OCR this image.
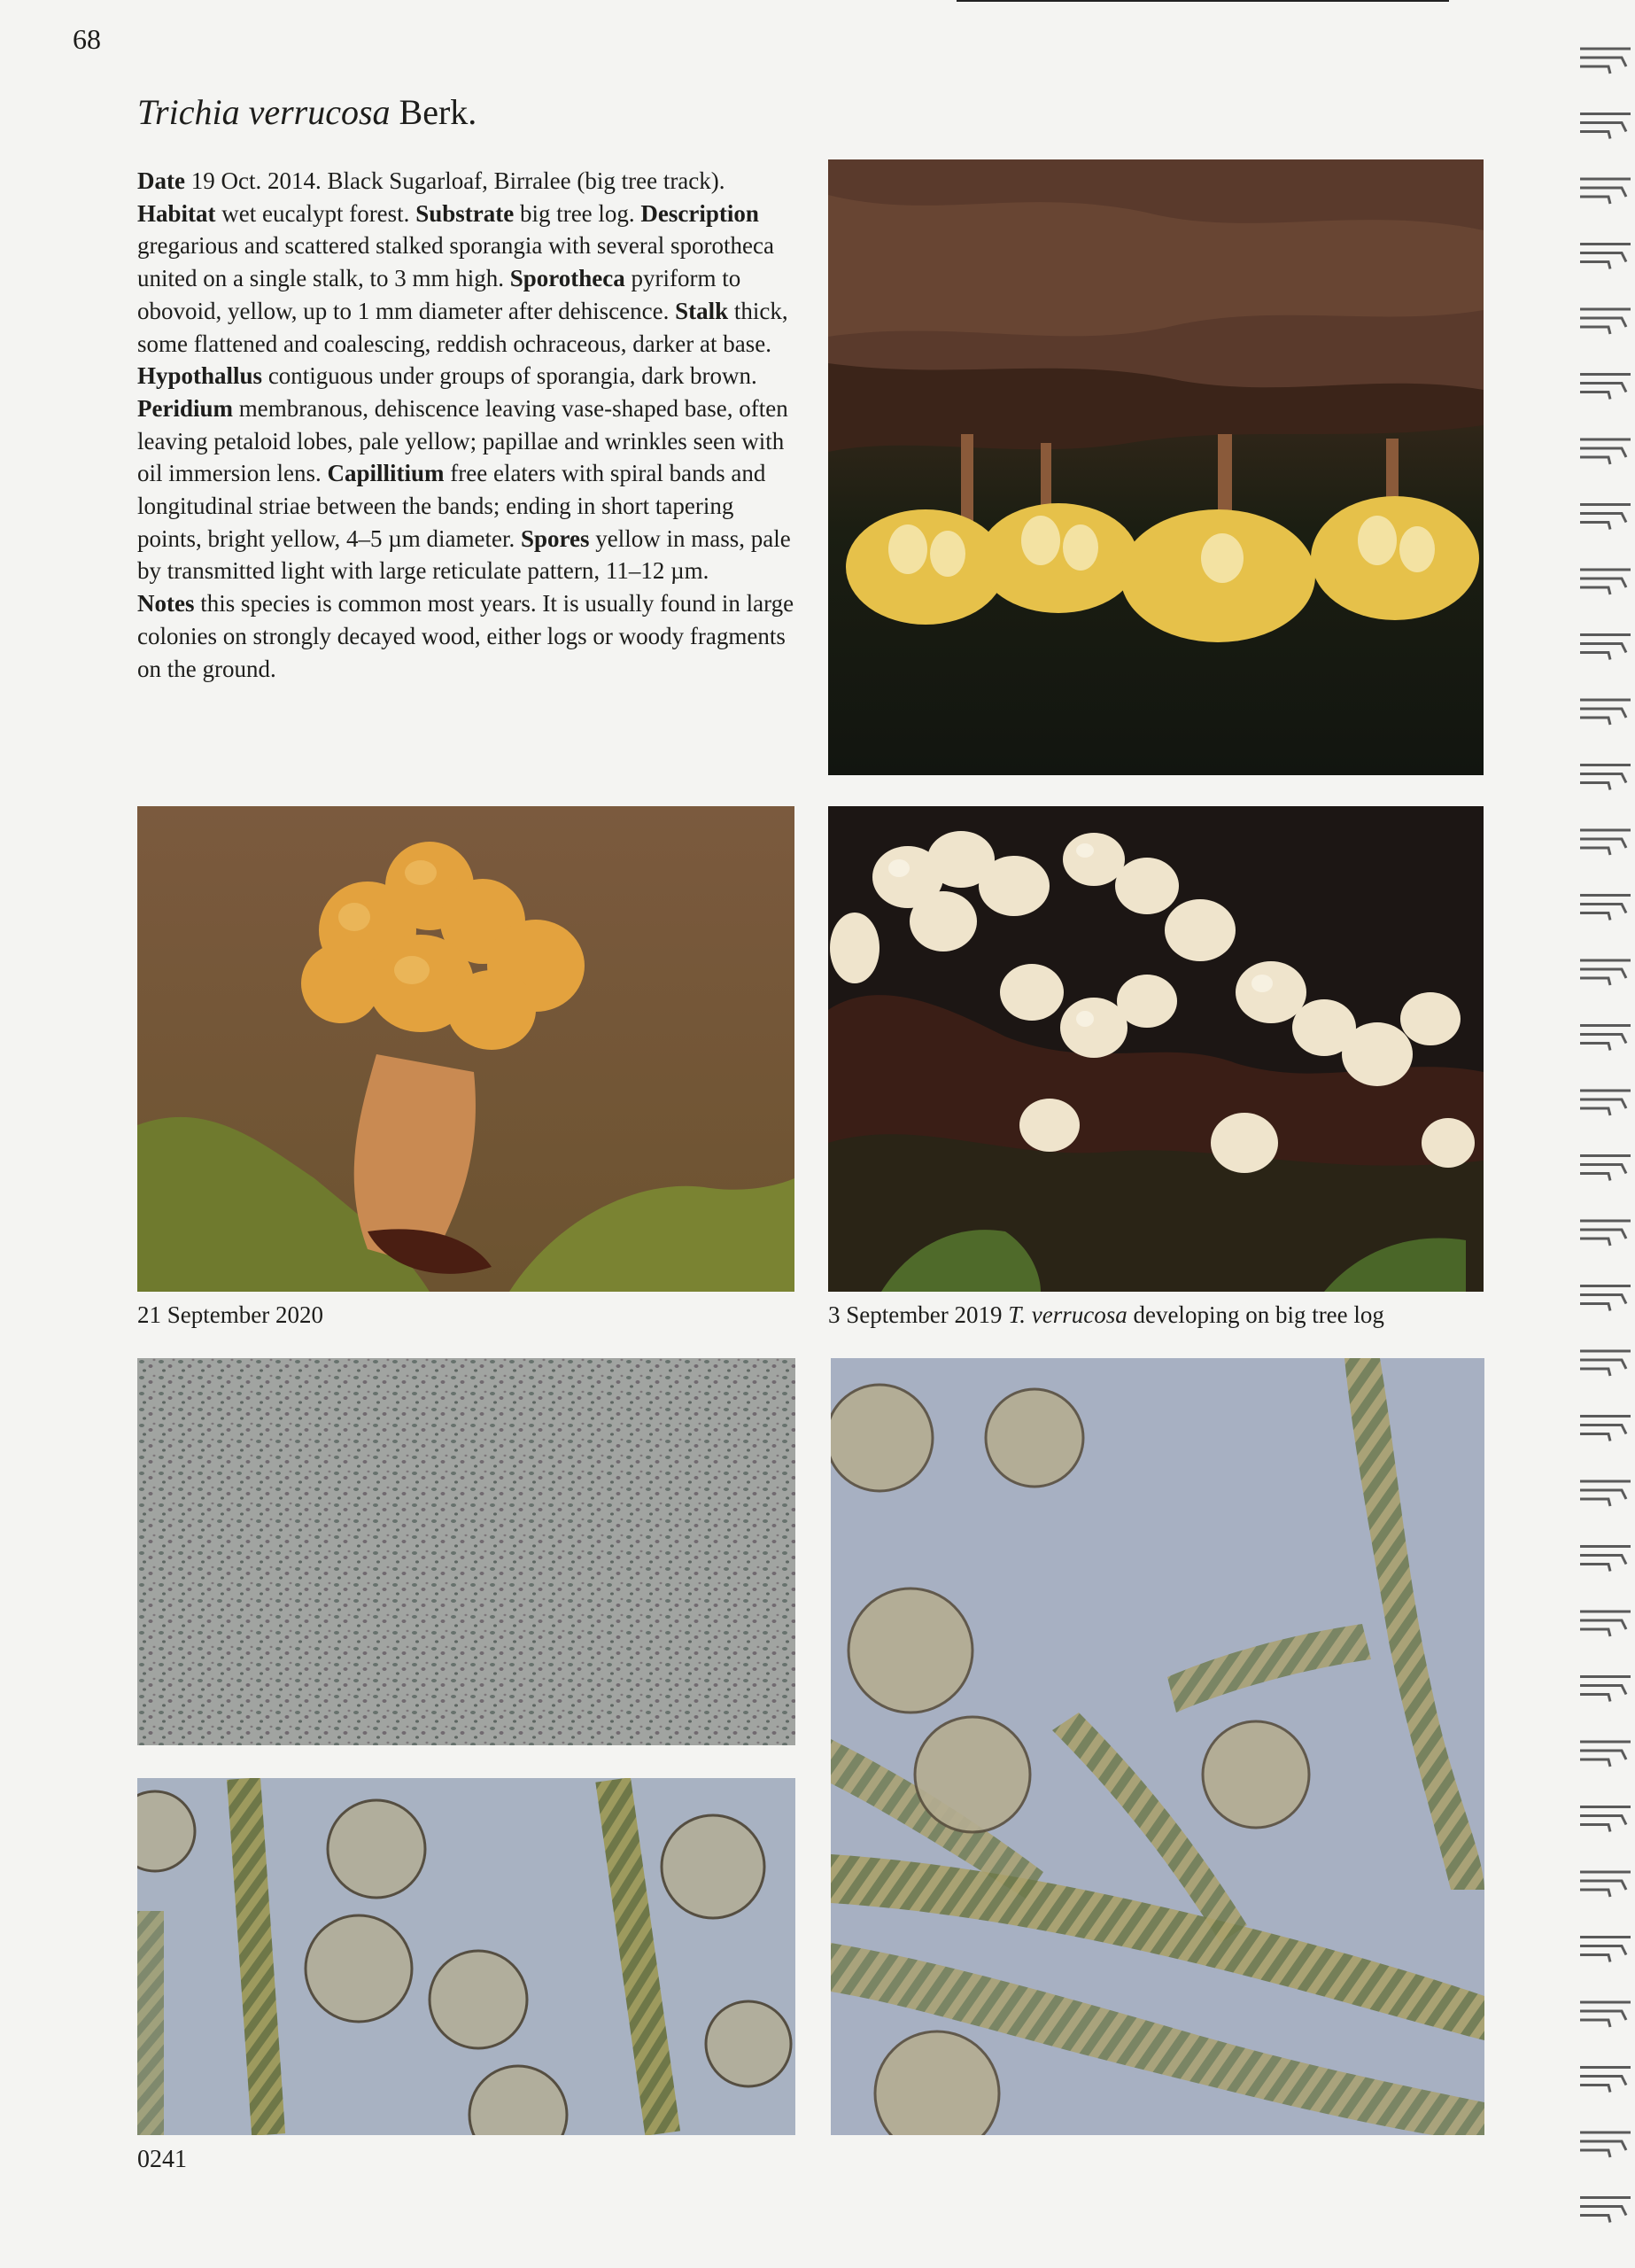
68
Trichia verrucosa Berk.

Date 19 Oct. 2014. Black Sugarloaf, Birralee (big tree track). Habitat wet eucalypt forest. Substrate big tree log. Description gregarious and scattered stalked sporangia with several sporotheca united on a single stalk, to 3 mm high. Sporotheca pyriform to obovoid, yellow, up to 1 mm diameter after dehiscence. Stalk thick, some flattened and coalescing, reddish ochraceous, darker at base. Hypothallus contiguous under groups of sporangia, dark brown. Peridium membranous, dehiscence leaving vase-shaped base, often leaving petaloid lobes, pale yellow; papillae and wrinkles seen with oil immersion lens. Capillitium free elaters with spiral bands and longitudinal striae between the bands; ending in short tapering points, bright yellow, 4–5 µm diameter. Spores yellow in mass, pale by transmitted light with large reticulate pattern, 11–12 µm.

Notes this species is common most years. It is usually found in large colonies on strongly decayed wood, either logs or woody fragments on the ground.

21 September 2020	3 September 2019 T. verrucosa developing on big tree log
0241
